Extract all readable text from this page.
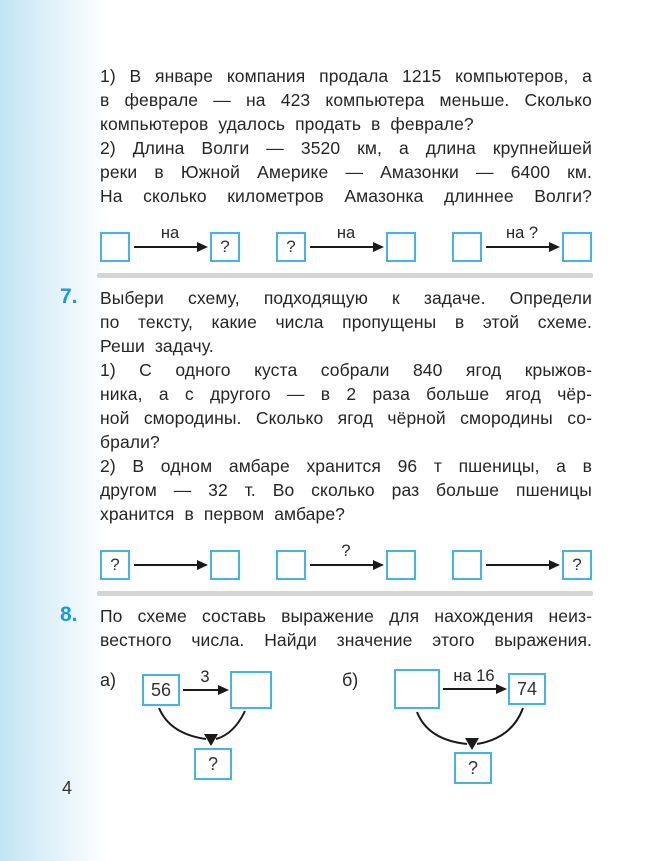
1) В январе компания продала 1215 компьютеров, а
в феврале — на 423 компьютера меньше. Сколько
компьютеров удалось продать в феврале?
2) Длина Волги — 3520 км, а длина крупнейшей
реки в Южной Америке — Амазонки — 6400 км.
На сколько километров Амазонка длиннее Волги?
на
?	?
на	на ?
7. Выбери схему, подходящую к задаче. Определи
по тексту, какие числа пропущены в этой схеме.
Реши задачу.
1) С одного куста собрали 840 ягод крыжов-
ника, а с другого — в 2 раза больше ягод чёр-
ной смородины. Сколько ягод чёрной смородины со-
брали?
2) В одном амбаре хранится 96 т пшеницы, а в
другом — 32 т. Во сколько раз больше пшеницы
хранится в первом амбаре?
?
?
?
8. По схеме составь выражение для нахождения неиз-
вестного числа. Найди значение этого выражения.
а)	56
3
?
б)	на 16
74
?
4
